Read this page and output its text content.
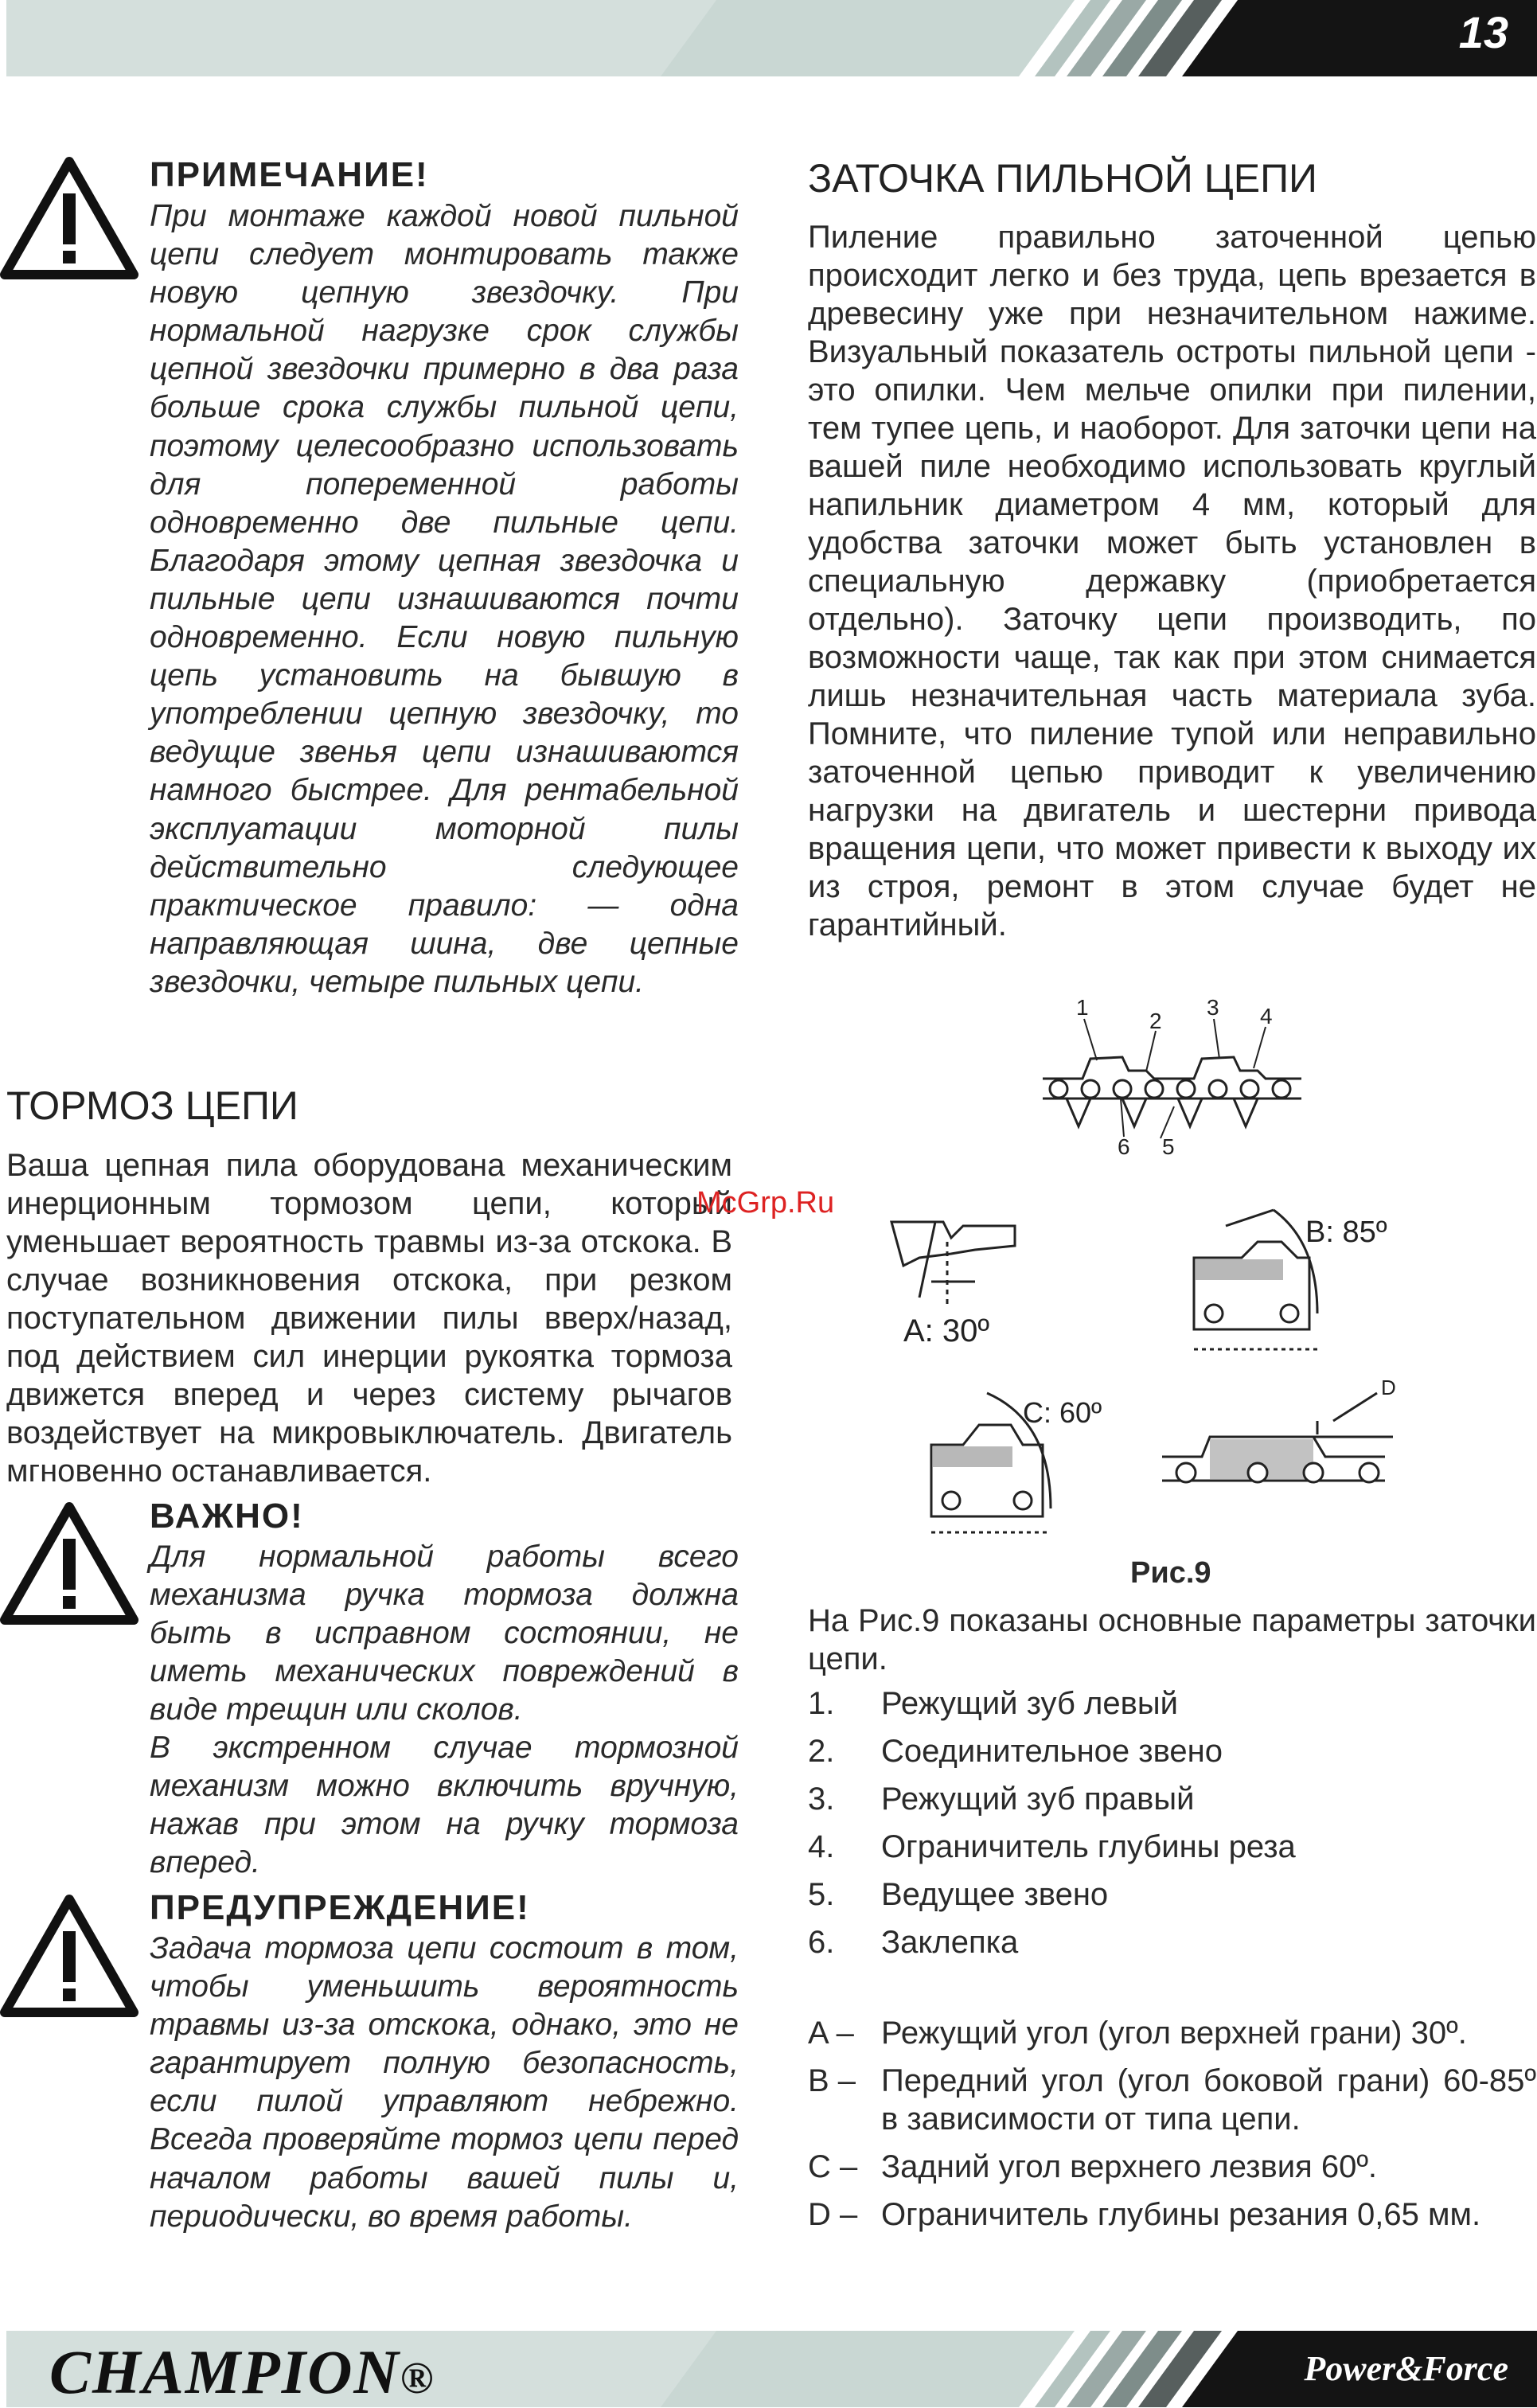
13
ПРИМЕЧАНИЕ!
При монтаже каждой новой пильной цепи следует монтировать также новую цепную звездочку. При нормальной нагрузке срок службы цепной звездочки примерно в два раза больше срока службы пильной цепи, поэтому целесообразно использовать для попеременной работы одновременно две пильные цепи. Благодаря этому цепная звездочка и пильные цепи изнашиваются почти одновременно. Если новую пильную цепь установить на бывшую в употреблении цепную звездочку, то ведущие звенья цепи изнашиваются намного быстрее. Для рентабельной эксплуатации моторной пилы действительно следующее практическое правило: — одна направляющая шина, две цепные звездочки, четыре пильных цепи.
ТОРМОЗ ЦЕПИ
Ваша цепная пила оборудована механическим инерционным тормозом цепи, который уменьшает вероятность травмы из-за отскока. В случае возникновения отскока, при резком поступательном движении пилы вверх/назад, под действием сил инерции рукоятка тормоза движется вперед и через систему рычагов воздействует на микровыключатель. Двигатель мгновенно останавливается.
ВАЖНО!
Для нормальной работы всего механизма ручка тормоза должна быть в исправном состоянии, не иметь механических повреждений в виде трещин или сколов.
В экстренном случае тормозной механизм можно включить вручную, нажав при этом на ручку тормоза вперед.
ПРЕДУПРЕЖДЕНИЕ!
Задача тормоза цепи состоит в том, чтобы уменьшить вероятность травмы из-за отскока, однако, это не гарантирует полную безопасность, если пилой управляют небрежно. Всегда проверяйте тормоз цепи перед началом работы вашей пилы и, периодически, во время работы.
ЗАТОЧКА ПИЛЬНОЙ ЦЕПИ
Пиление правильно заточенной цепью происходит легко и без труда, цепь врезается в древесину уже при незначительном нажиме. Визуальный показатель остроты пильной цепи - это опилки. Чем мельче опилки при пилении, тем тупее цепь, и наоборот. Для заточки цепи на вашей пиле необходимо использовать круглый напильник диаметром 4 мм, который для удобства заточки может быть установлен в специальную державку (приобретается отдельно). Заточку цепи производить, по возможности чаще, так как при этом снимается лишь незначительная часть материала зуба. Помните, что пиление тупой или неправильно заточенной цепью приводит к увеличению нагрузки на двигатель и шестерни привода вращения цепи, что может привести к выходу их из строя, ремонт в этом случае будет не гарантийный.
1
2
3 4
5
6
A: 30º
B: 85º
C: 60º
D
McGrp.Ru
Рис.9
На Рис.9 показаны основные параметры заточки цепи.
1.	Режущий зуб левый
2.	Соединительное звено
3.	Режущий зуб правый
4.	Ограничитель глубины реза
5.	Ведущее звено
6.	Заклепка
A – Режущий угол (угол верхней грани) 30º.
B – Передний угол (угол боковой грани) 60-85º в зависимости от типа цепи.
C – Задний угол верхнего лезвия 60º.
D – Ограничитель глубины резания 0,65 мм.
CHAMPION®	Power&Force
